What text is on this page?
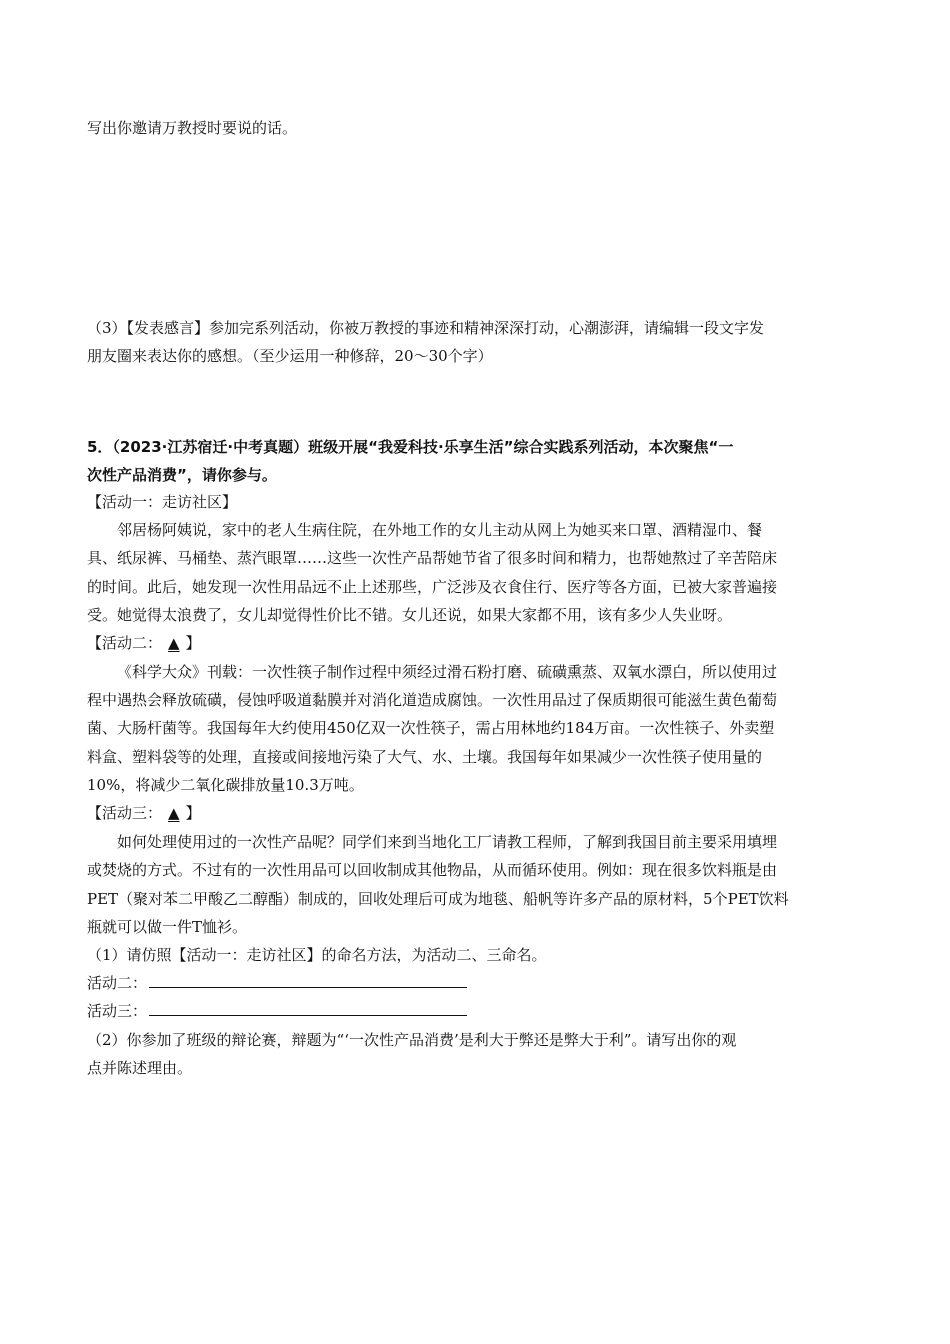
写出你邀请万教授时要说的话。
（3）【发表感言】参加完系列活动，你被万教授的事迹和精神深深打动，心潮澎湃，请编辑一段文字发
朋友圈来表达你的感想。（至少运用一种修辞，20～30个字）
5．（2023·江苏宿迁·中考真题）班级开展“我爱科技·乐享生活”综合实践系列活动，本次聚焦“一
次性产品消费”，请你参与。
【活动一：走访社区】
邻居杨阿姨说，家中的老人生病住院，在外地工作的女儿主动从网上为她买来口罩、酒精湿巾、餐
具、纸尿裤、马桶垫、蒸汽眼罩……这些一次性产品帮她节省了很多时间和精力，也帮她熬过了辛苦陪床
的时间。此后，她发现一次性用品远不止上述那些，广泛涉及衣食住行、医疗等各方面，已被大家普遍接
受。她觉得太浪费了，女儿却觉得性价比不错。女儿还说，如果大家都不用，该有多少人失业呀。
【活动二： ▲ 】
《科学大众》刊载：一次性筷子制作过程中须经过滑石粉打磨、硫磺熏蒸、双氧水漂白，所以使用过
程中遇热会释放硫磺，侵蚀呼吸道黏膜并对消化道造成腐蚀。一次性用品过了保质期很可能滋生黄色葡萄
菌、大肠杆菌等。我国每年大约使用450亿双一次性筷子，需占用林地约184万亩。一次性筷子、外卖塑
料盒、塑料袋等的处理，直接或间接地污染了大气、水、土壤。我国每年如果减少一次性筷子使用量的
10%，将减少二氧化碳排放量10.3万吨。
【活动三： ▲ 】
如何处理使用过的一次性产品呢？同学们来到当地化工厂请教工程师，了解到我国目前主要采用填埋
或焚烧的方式。不过有的一次性用品可以回收制成其他物品，从而循环使用。例如：现在很多饮料瓶是由
PET（聚对苯二甲酸乙二醇酯）制成的，回收处理后可成为地毯、船帆等许多产品的原材料，5个PET饮料
瓶就可以做一件T恤衫。
（1）请仿照【活动一：走访社区】的命名方法，为活动二、三命名。
活动二：
活动三：
（2）你参加了班级的辩论赛，辩题为“‘一次性产品消费’是利大于弊还是弊大于利”。请写出你的观
点并陈述理由。
